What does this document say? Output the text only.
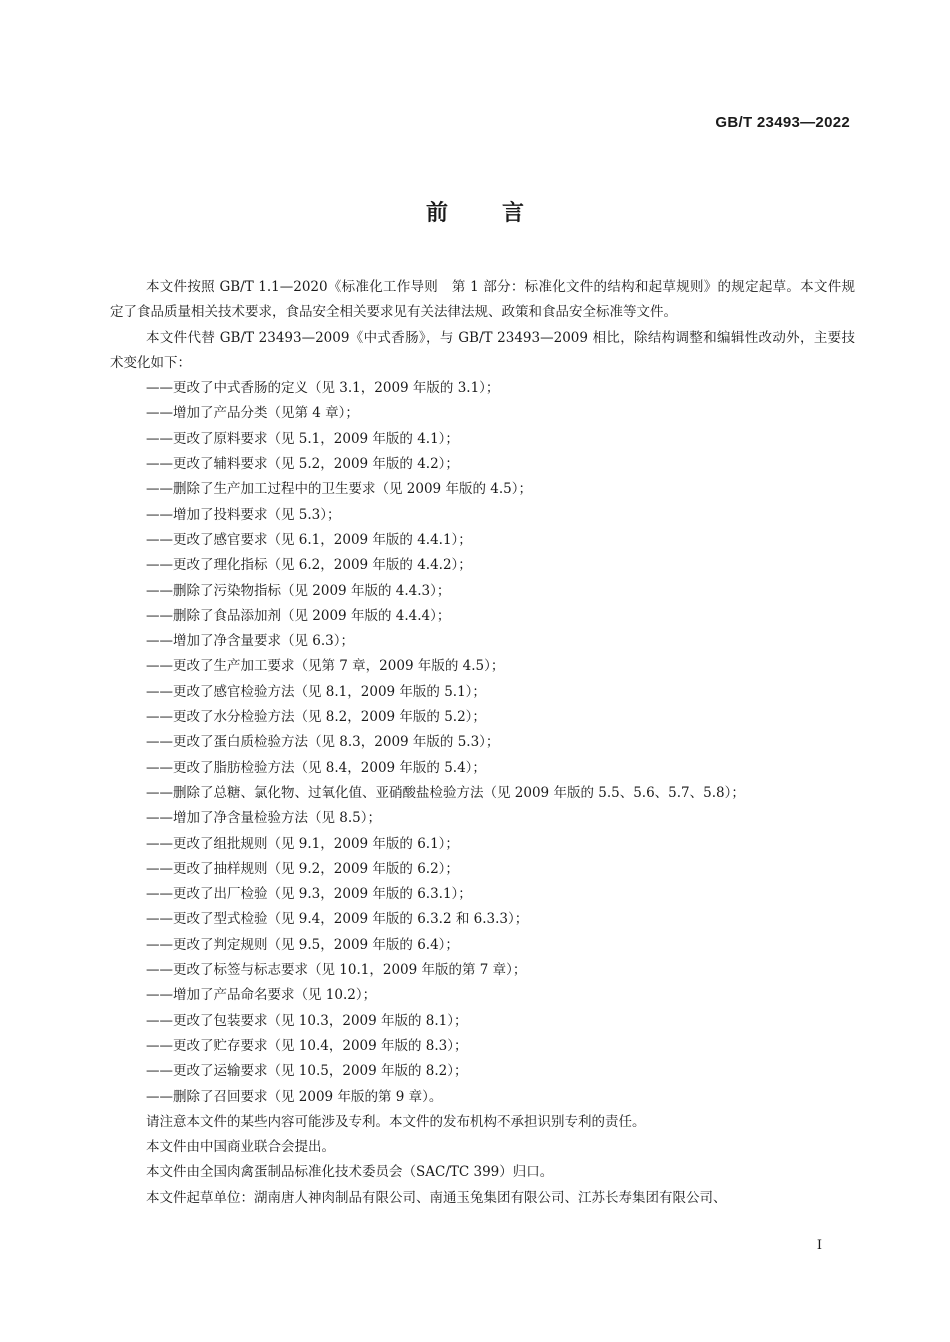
GB/T 23493—2022
前言

本文件按照 GB/T 1.1—2020《标准化工作导则　第 1 部分：标准化文件的结构和起草规则》的规定起草。本文件规定了食品质量相关技术要求，食品安全相关要求见有关法律法规、政策和食品安全标准等文件。

本文件代替 GB/T 23493—2009《中式香肠》，与 GB/T 23493—2009 相比，除结构调整和编辑性改动外，主要技术变化如下：

——更改了中式香肠的定义（见 3.1，2009 年版的 3.1）；
——增加了产品分类（见第 4 章）；
——更改了原料要求（见 5.1，2009 年版的 4.1）；
——更改了辅料要求（见 5.2，2009 年版的 4.2）；
——删除了生产加工过程中的卫生要求（见 2009 年版的 4.5）；
——增加了投料要求（见 5.3）；
——更改了感官要求（见 6.1，2009 年版的 4.4.1）；
——更改了理化指标（见 6.2，2009 年版的 4.4.2）；
——删除了污染物指标（见 2009 年版的 4.4.3）；
——删除了食品添加剂（见 2009 年版的 4.4.4）；
——增加了净含量要求（见 6.3）；
——更改了生产加工要求（见第 7 章，2009 年版的 4.5）；
——更改了感官检验方法（见 8.1，2009 年版的 5.1）；
——更改了水分检验方法（见 8.2，2009 年版的 5.2）；
——更改了蛋白质检验方法（见 8.3，2009 年版的 5.3）；
——更改了脂肪检验方法（见 8.4，2009 年版的 5.4）；
——删除了总糖、氯化物、过氧化值、亚硝酸盐检验方法（见 2009 年版的 5.5、5.6、5.7、5.8）；
——增加了净含量检验方法（见 8.5）；
——更改了组批规则（见 9.1，2009 年版的 6.1）；
——更改了抽样规则（见 9.2，2009 年版的 6.2）；
——更改了出厂检验（见 9.3，2009 年版的 6.3.1）；
——更改了型式检验（见 9.4，2009 年版的 6.3.2 和 6.3.3）；
——更改了判定规则（见 9.5，2009 年版的 6.4）；
——更改了标签与标志要求（见 10.1，2009 年版的第 7 章）；
——增加了产品命名要求（见 10.2）；
——更改了包装要求（见 10.3，2009 年版的 8.1）；
——更改了贮存要求（见 10.4，2009 年版的 8.3）；
——更改了运输要求（见 10.5，2009 年版的 8.2）；
——删除了召回要求（见 2009 年版的第 9 章）。

请注意本文件的某些内容可能涉及专利。本文件的发布机构不承担识别专利的责任。

本文件由中国商业联合会提出。

本文件由全国肉禽蛋制品标准化技术委员会（SAC/TC 399）归口。

本文件起草单位：湖南唐人神肉制品有限公司、南通玉兔集团有限公司、江苏长寿集团有限公司、

Ⅰ
